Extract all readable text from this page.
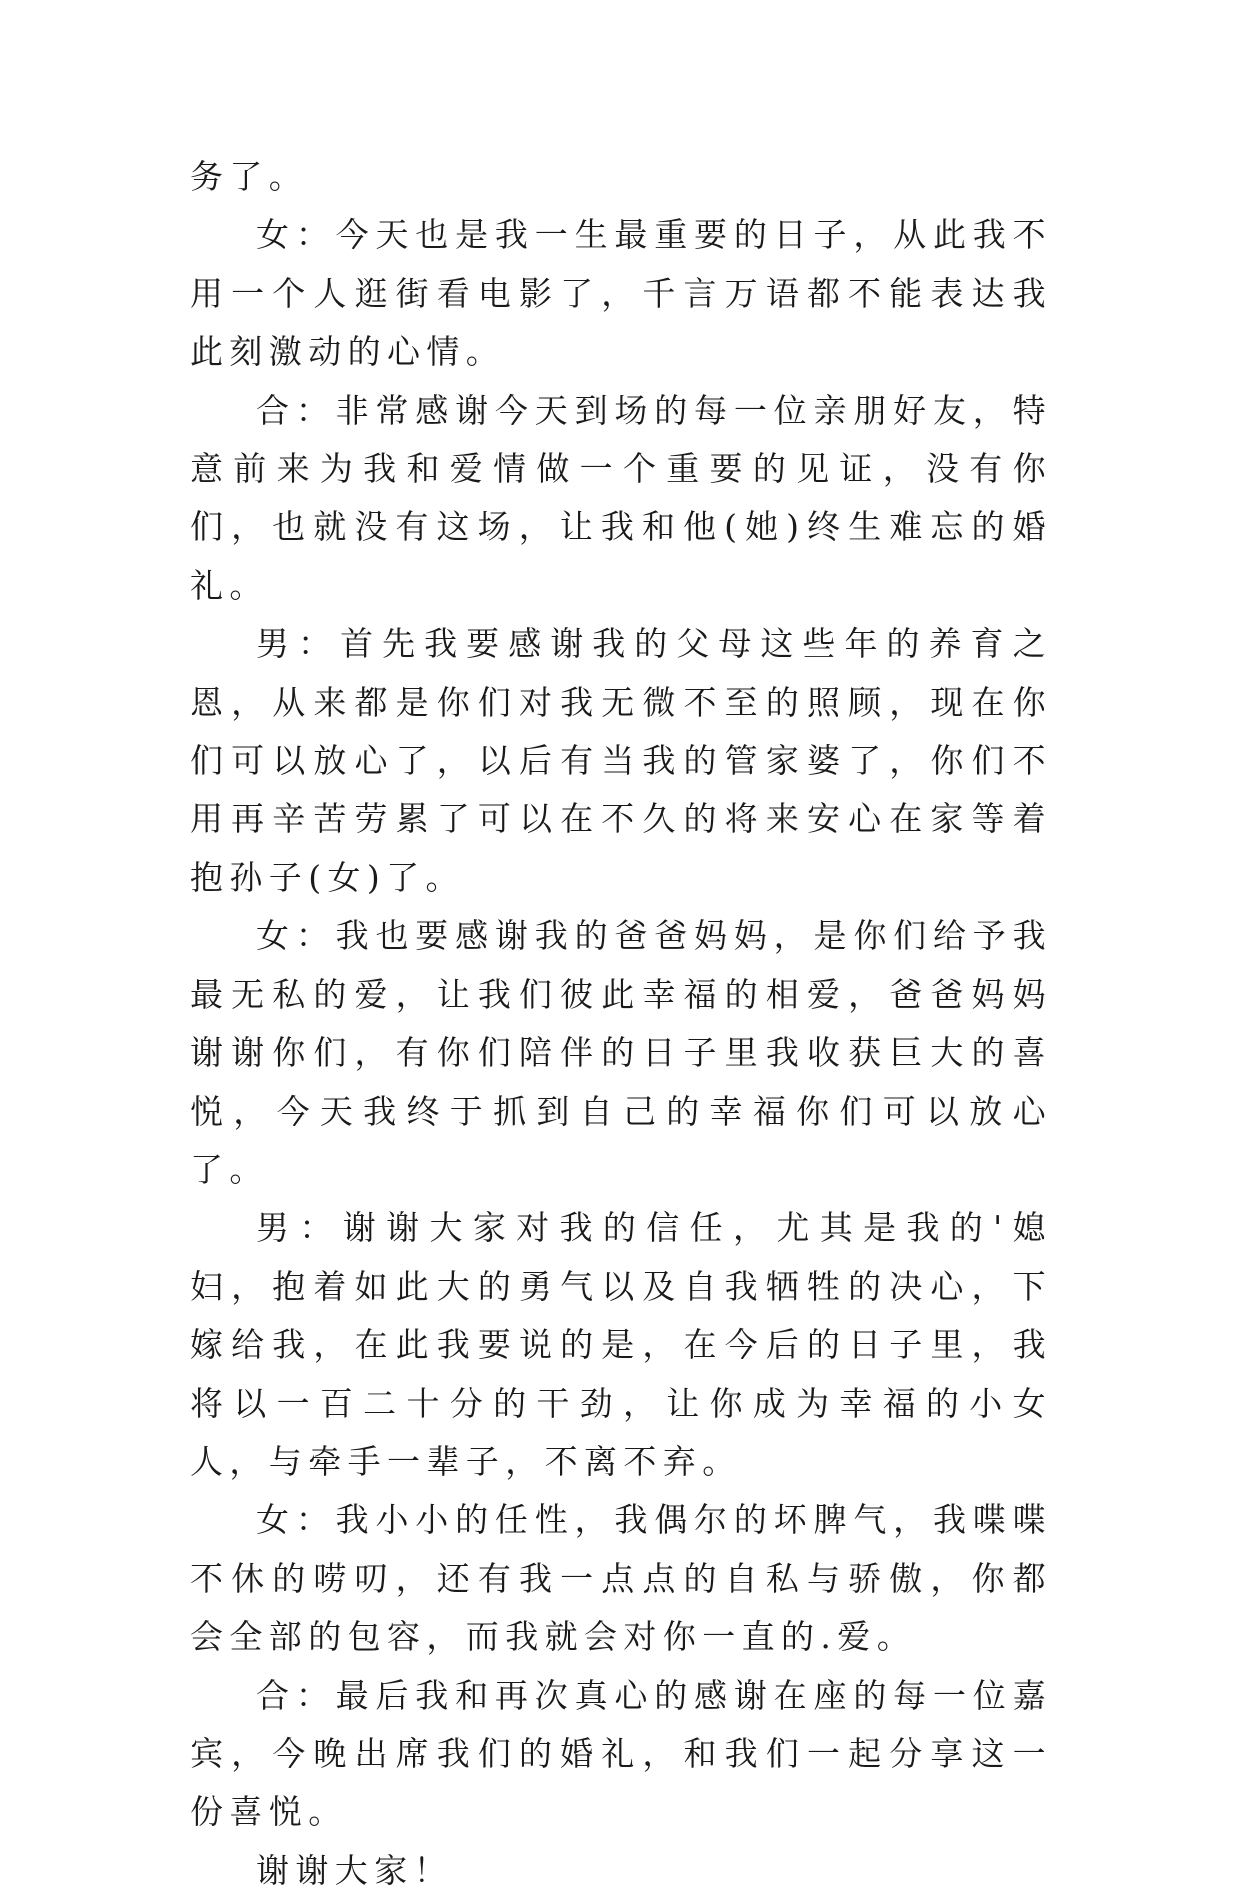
务了。

女：今天也是我一生最重要的日子，从此我不用一个人逛街看电影了，千言万语都不能表达我此刻激动的心情。

合：非常感谢今天到场的每一位亲朋好友，特意前来为我和爱情做一个重要的见证，没有你们，也就没有这场，让我和他(她)终生难忘的婚礼。

男：首先我要感谢我的父母这些年的养育之恩，从来都是你们对我无微不至的照顾，现在你们可以放心了，以后有当我的管家婆了，你们不用再辛苦劳累了可以在不久的将来安心在家等着抱孙子(女)了。

女：我也要感谢我的爸爸妈妈，是你们给予我最无私的爱，让我们彼此幸福的相爱，爸爸妈妈谢谢你们，有你们陪伴的日子里我收获巨大的喜悦，今天我终于抓到自己的幸福你们可以放心了。

男：谢谢大家对我的信任，尤其是我的'媳妇，抱着如此大的勇气以及自我牺牲的决心，下嫁给我，在此我要说的是，在今后的日子里，我将以一百二十分的干劲，让你成为幸福的小女人，与牵手一辈子，不离不弃。

女：我小小的任性，我偶尔的坏脾气，我喋喋不休的唠叨，还有我一点点的自私与骄傲，你都会全部的包容，而我就会对你一直的.爱。

合：最后我和再次真心的感谢在座的每一位嘉宾，今晚出席我们的婚礼，和我们一起分享这一份喜悦。

谢谢大家！
